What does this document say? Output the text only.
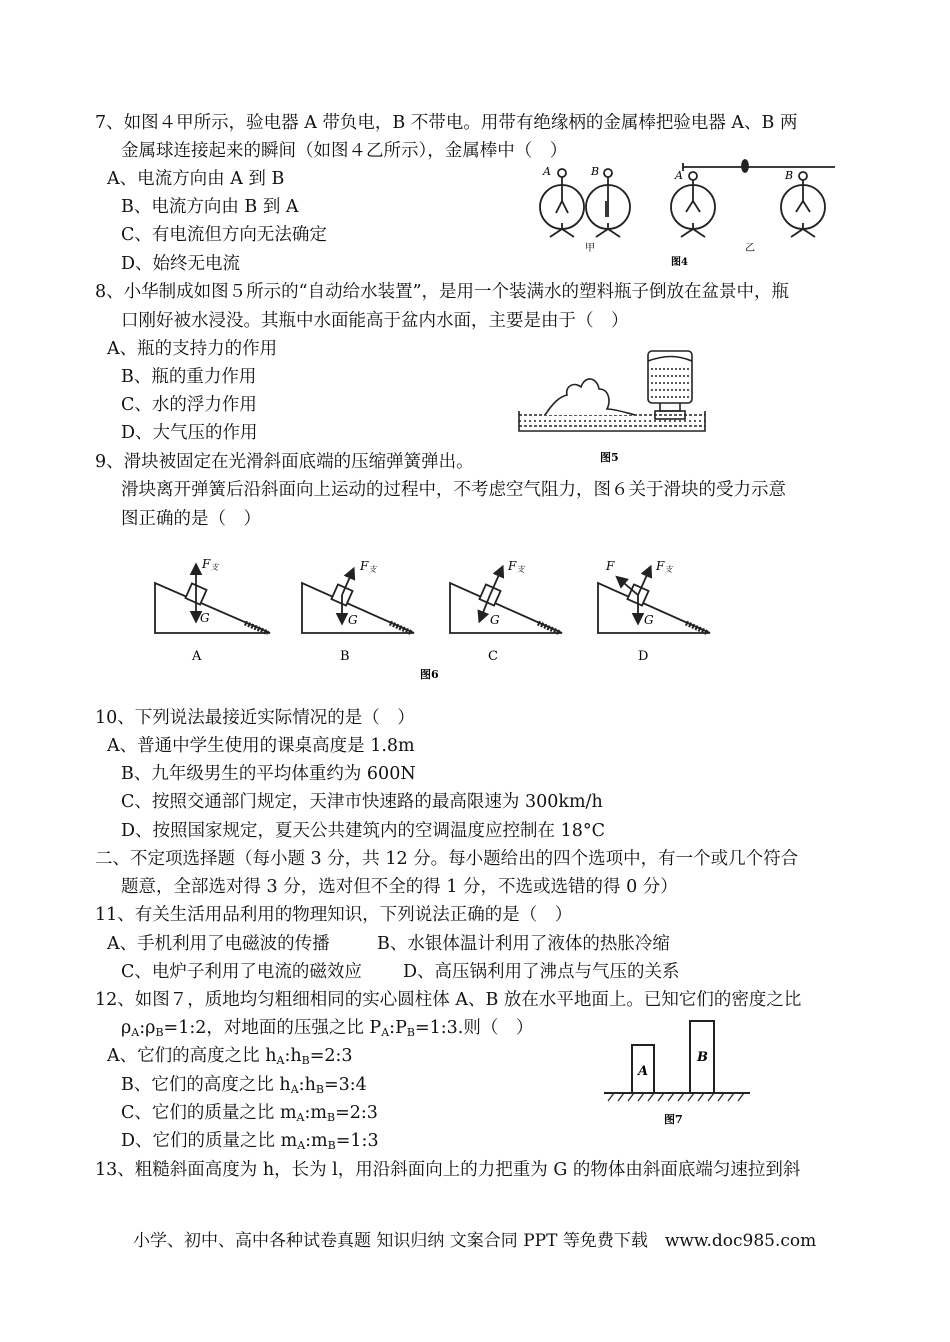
7、如图４甲所示，验电器 A 带负电，B 不带电。用带有绝缘柄的金属棒把验电器 A、B 两
金属球连接起来的瞬间（如图４乙所示），金属棒中（　）
A、电流方向由 A 到 B
B、电流方向由 B 到 A
C、有电流但方向无法确定
D、始终无电流
A	B	A	B
甲	乙
图4
8、小华制成如图５所示的“自动给水装置”，是用一个装满水的塑料瓶子倒放在盆景中，瓶
口刚好被水浸没。其瓶中水面能高于盆内水面，主要是由于（　）
A、瓶的支持力的作用
B、瓶的重力作用
C、水的浮力作用
D、大气压的作用
图5
9、滑块被固定在光滑斜面底端的压缩弹簧弹出。
滑块离开弹簧后沿斜面向上运动的过程中，不考虑空气阻力，图６关于滑块的受力示意
图正确的是（　）
F支
G
F支
G
F支
G
F支
G
F
A	B	C	D
图6
10、下列说法最接近实际情况的是（　）
A、普通中学生使用的课桌高度是 1.8m
B、九年级男生的平均体重约为 600N
C、按照交通部门规定，天津市快速路的最高限速为 300km/h
D、按照国家规定，夏天公共建筑内的空调温度应控制在 18°C
二、不定项选择题（每小题 3 分，共 12 分。每小题给出的四个选项中，有一个或几个符合
题意，全部选对得 3 分，选对但不全的得 1 分，不选或选错的得 0 分）
11、有关生活用品利用的物理知识，下列说法正确的是（　）
A、手机利用了电磁波的传播	B、水银体温计利用了液体的热胀冷缩
C、电炉子利用了电流的磁效应 D、高压锅利用了沸点与气压的关系
12、如图７，质地均匀粗细相同的实心圆柱体 A、B 放在水平地面上。已知它们的密度之比
$\rho_A:\rho_B=1:2$，对地面的压强之比 $P_A:P_B=1:3$.则（　）
A、它们的高度之比 $h_A:h_B=2:3$
B、它们的高度之比 $h_A:h_B=3:4$
C、它们的质量之比 $m_A:m_B=2:3$
D、它们的质量之比 $m_A:m_B=1:3$
A
B
图7
13、粗糙斜面高度为 h，长为 l，用沿斜面向上的力把重为 G 的物体由斜面底端匀速拉到斜
小学、初中、高中各种试卷真题 知识归纳 文案合同 PPT 等免费下载　www.doc985.com
